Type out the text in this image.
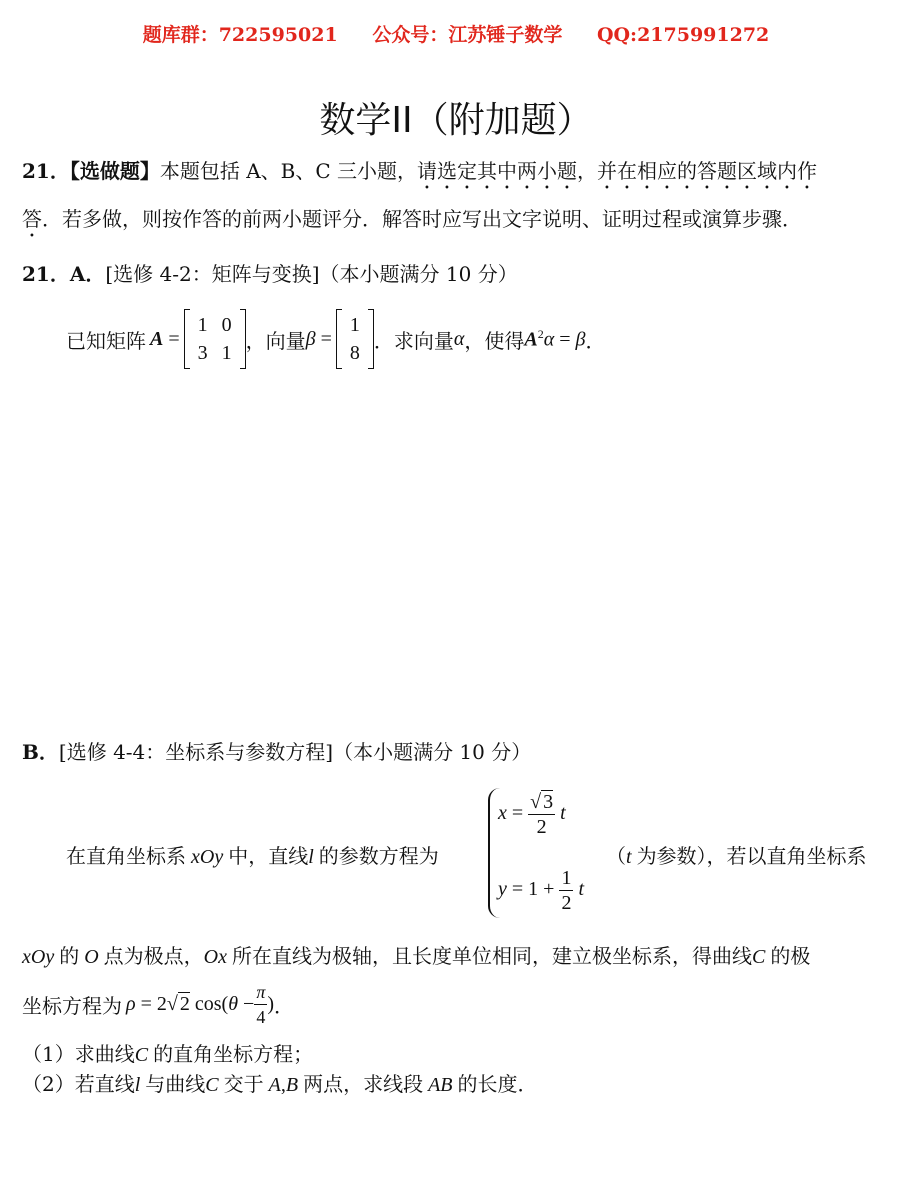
题库群：722595021 公众号：江苏锤子数学 QQ:2175991272
数学II（附加题）
21．【选做题】本题包括 A、B、C 三小题，请选定其中两小题，并在相应的答题区域内作
答．若多做，则按作答的前两小题评分．解答时应写出文字说明、证明过程或演算步骤．
21．A．[选修 4-2：矩阵与变换]（本小题满分 10 分）
已知矩阵 A =
1 0
3 1
，向量 β =
1
8
．求向量 α ，使得 $A^2\alpha = \beta$ ．
B．[选修 4-4：坐标系与参数方程]（本小题满分 10 分）
在直角坐标系 xOy 中，直线l 的参数方程为
$x = \frac{√ 3}{2}$ t
$y = 1 + \frac{1}{2}$ t
（t 为参数），若以直角坐标系
xOy 的 O 点为极点，Ox 所在直线为极轴，且长度单位相同，建立极坐标系，得曲线C 的极
坐标方程为 ρ = 2√ 2 $\cos(\theta - \frac{\pi}{4}$ ) ．
（1）求曲线C 的直角坐标方程；
（2）若直线l 与曲线C 交于 A,B 两点，求线段 AB 的长度．
